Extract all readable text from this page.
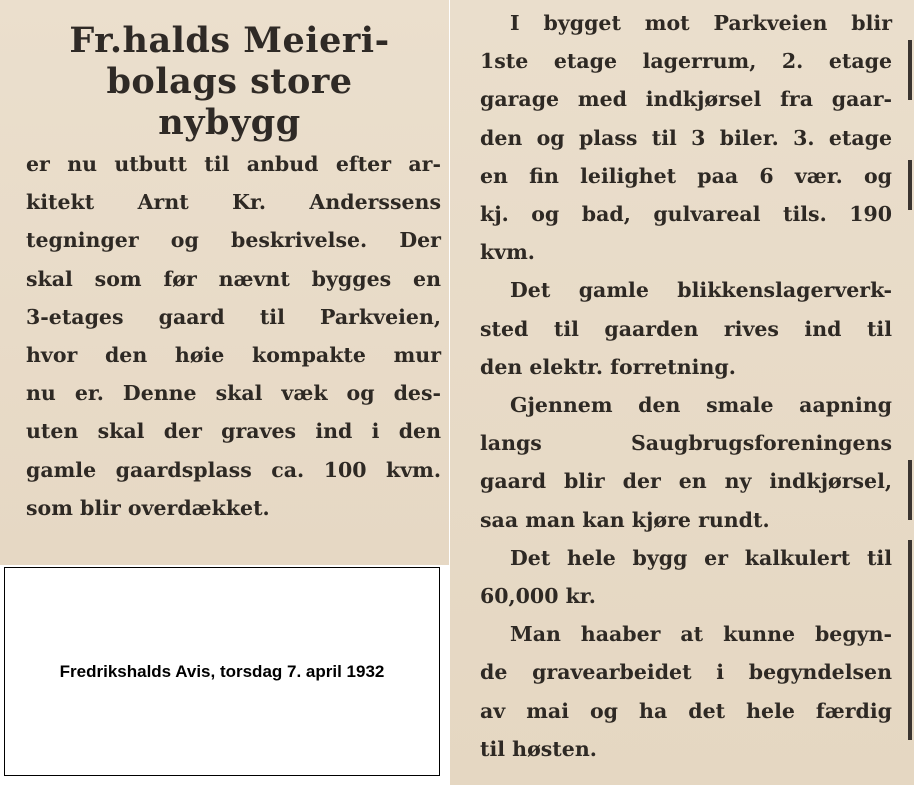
Fr.halds Meieri-
bolags store
nybygg
er nu utbutt til anbud efter ar-
kitekt Arnt Kr. Anderssens
tegninger og beskrivelse. Der
skal som før nævnt bygges en
3-etages gaard til Parkveien,
hvor den høie kompakte mur
nu er. Denne skal væk og des-
uten skal der graves ind i den
gamle gaardsplass ca. 100 kvm.
som blir overdækket.
I bygget mot Parkveien blir
1ste etage lagerrum, 2. etage
garage med indkjørsel fra gaar-
den og plass til 3 biler. 3. etage
en fin leilighet paa 6 vær. og
kj. og bad, gulvareal tils. 190
kvm.
Det gamle blikkenslagerverk-
sted til gaarden rives ind til
den elektr. forretning.
Gjennem den smale aapning
langs Saugbrugsforeningens
gaard blir der en ny indkjørsel,
saa man kan kjøre rundt.
Det hele bygg er kalkulert til
60,000 kr.
Man haaber at kunne begyn-
de gravearbeidet i begyndelsen
av mai og ha det hele færdig
til høsten.
Fredrikshalds Avis, torsdag 7. april 1932
